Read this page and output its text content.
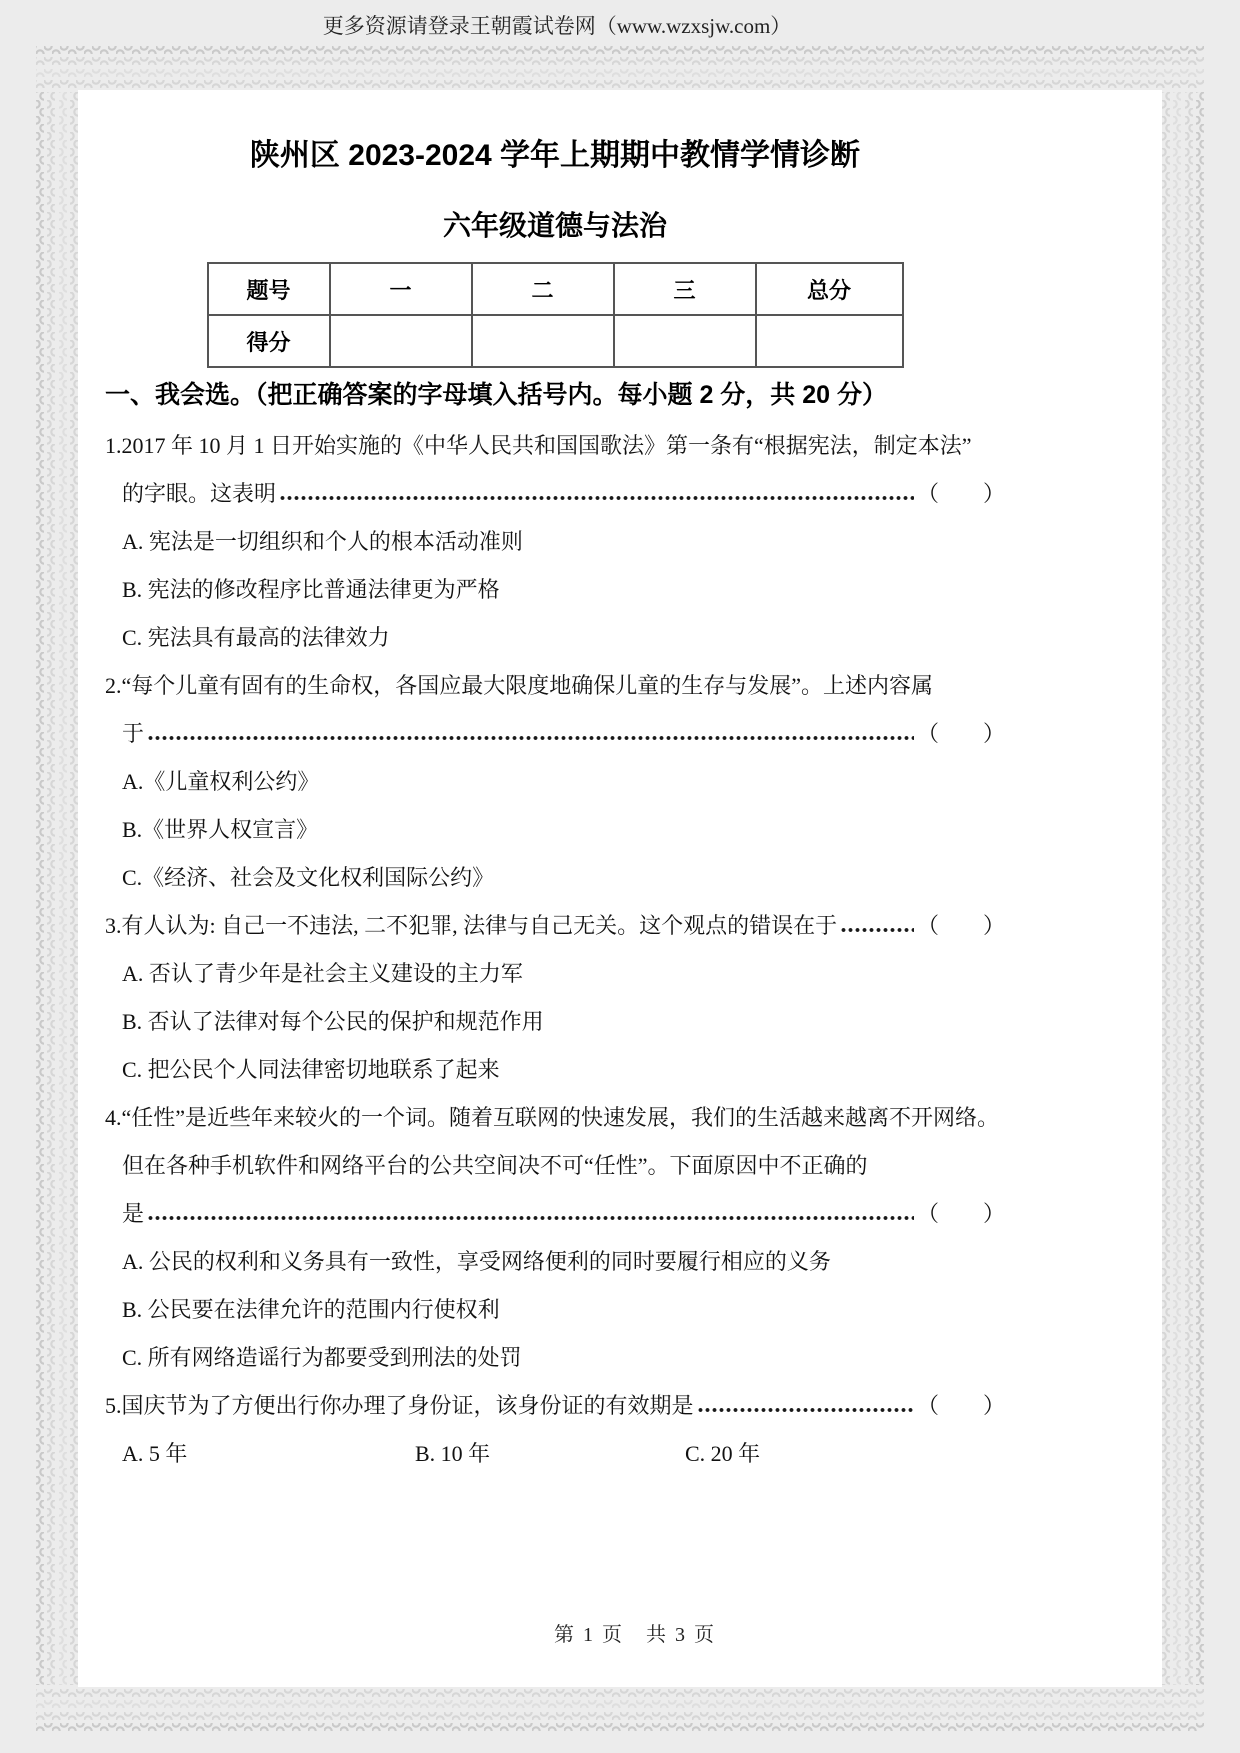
更多资源请登录王朝霞试卷网（www.wzxsjw.com）
陕州区 2023-2024 学年上期期中教情学情诊断
六年级道德与法治
题号	一	二	三	总分
得分				
一、我会选。（把正确答案的字母填入括号内。每小题 2 分，共 20 分）
1. 2017 年 10 月 1 日开始实施的《中华人民共和国国歌法》第一条有“根据宪法，制定本法”
的字眼。这表明	（　　）
A. 宪法是一切组织和个人的根本活动准则
B. 宪法的修改程序比普通法律更为严格
C. 宪法具有最高的法律效力
2. “每个儿童有固有的生命权，各国应最大限度地确保儿童的生存与发展”。上述内容属
于	（　　）
A.《儿童权利公约》
B.《世界人权宣言》
C.《经济、社会及文化权利国际公约》
3. 有人认为: 自己一不违法, 二不犯罪, 法律与自己无关。这个观点的错误在于	（　　）
A. 否认了青少年是社会主义建设的主力军
B. 否认了法律对每个公民的保护和规范作用
C. 把公民个人同法律密切地联系了起来
4. “任性”是近些年来较火的一个词。随着互联网的快速发展，我们的生活越来越离不开网络。
但在各种手机软件和网络平台的公共空间决不可“任性”。下面原因中不正确的
是	（　　）
A. 公民的权利和义务具有一致性，享受网络便利的同时要履行相应的义务
B. 公民要在法律允许的范围内行使权利
C. 所有网络造谣行为都要受到刑法的处罚
5. 国庆节为了方便出行你办理了身份证，该身份证的有效期是	（　　）
A. 5 年	B. 10 年	C. 20 年
第 1 页　共 3 页
